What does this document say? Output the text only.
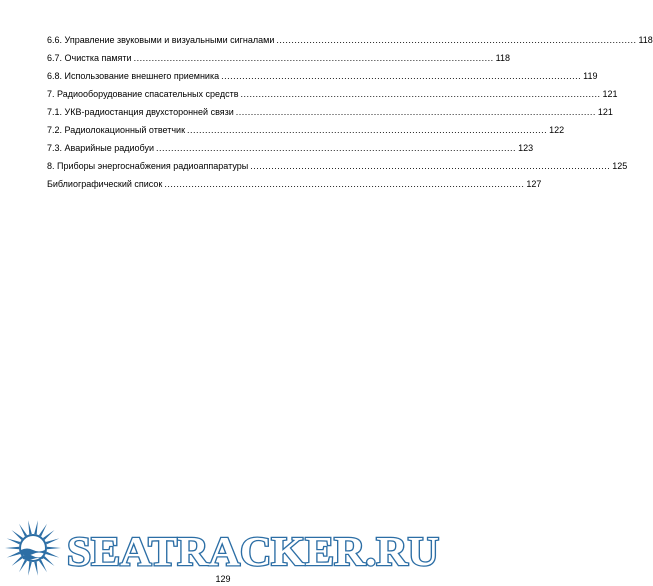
6.6. Управление звуковыми и визуальными сигналами ........................................................................................................................ 118
6.7. Очистка памяти ........................................................................................................................ 118
6.8. Использование внешнего приемника ........................................................................................................................ 119
7. Радиооборудование спасательных средств ........................................................................................................................ 121
7.1. УКВ-радиостанция двухсторонней связи ........................................................................................................................ 121
7.2. Радиолокационный ответчик ........................................................................................................................ 122
7.3. Аварийные радиобуи ........................................................................................................................ 123
8. Приборы энергоснабжения радиоаппаратуры ........................................................................................................................ 125
Библиографический список ........................................................................................................................ 127
SEATRACKER.RU
129
